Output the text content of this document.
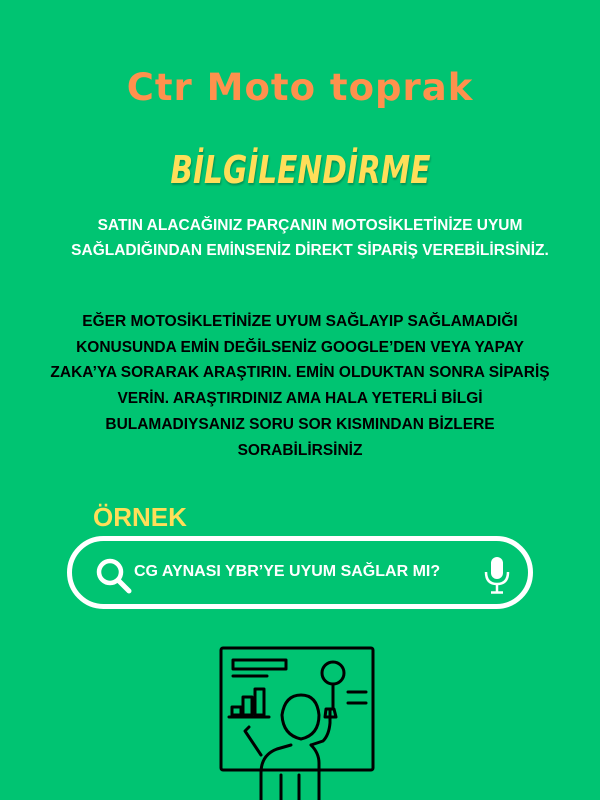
Ctr Moto toprak
BİLGİLENDİRME
SATIN ALACAĞINIZ PARÇANIN MOTOSİKLETİNİZE UYUM SAĞLADIĞINDAN EMİNSENİZ DİREKT SİPARİŞ VEREBİLİRSİNİZ.
EĞER MOTOSİKLETİNİZE UYUM SAĞLAYIP SAĞLAMADIĞI KONUSUNDA EMİN DEĞİLSENİZ GOOGLE’DEN VEYA YAPAY ZAKA’YA SORARAK ARAŞTIRIN. EMİN OLDUKTAN SONRA SİPARİŞ VERİN. ARAŞTIRDINIZ AMA HALA YETERLİ BİLGİ BULAMADIYSANIZ SORU SOR KISMINDAN BİZLERE SORABİLİRSİNİZ
ÖRNEK
CG AYNASI YBR’YE UYUM SAĞLAR MI?
